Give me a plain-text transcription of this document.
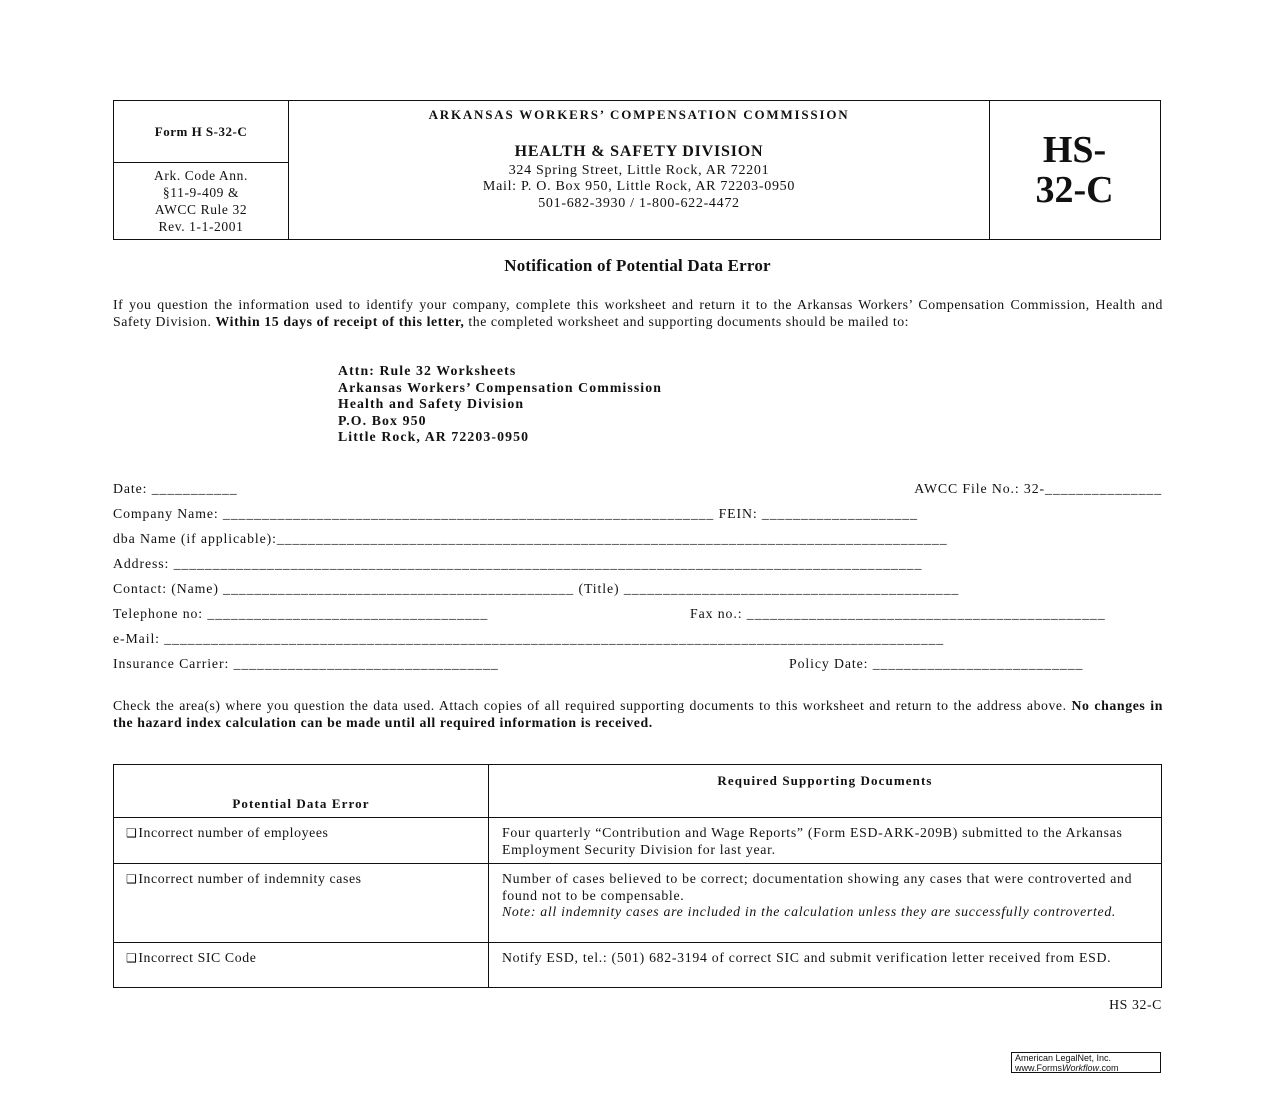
Form H S-32-C
Ark. Code Ann.
§11-9-409 &
AWCC Rule 32
Rev. 1-1-2001
ARKANSAS WORKERS’ COMPENSATION COMMISSION
HEALTH & SAFETY DIVISION
324 Spring Street, Little Rock, AR 72201
Mail: P. O. Box 950, Little Rock, AR 72203-0950
501-682-3930 / 1-800-622-4472
HS-
32-C
Notification of Potential Data Error
If you question the information used to identify your company, complete this worksheet and return it to the Arkansas Workers’ Compensation Commission, Health and Safety Division. Within 15 days of receipt of this letter, the completed worksheet and supporting documents should be mailed to:
Attn: Rule 32 Worksheets
Arkansas Workers’ Compensation Commission
Health and Safety Division
P.O. Box 950
Little Rock, AR 72203-0950
Date: ___________	AWCC File No.: 32-_______________
Company Name: _______________________________________________________________ FEIN: ____________________
dba Name (if applicable):______________________________________________________________________________________
Address: ________________________________________________________________________________________________
Contact: (Name) _____________________________________________ (Title) ___________________________________________
Telephone no: ____________________________________	Fax no.: ______________________________________________
e-Mail: ____________________________________________________________________________________________________
Insurance Carrier: __________________________________	Policy Date: ___________________________
Check the area(s) where you question the data used. Attach copies of all required supporting documents to this worksheet and return to the address above. No changes in the hazard index calculation can be made until all required information is received.
Potential Data Error	Required Supporting Documents
❑Incorrect number of employees	Four quarterly “Contribution and Wage Reports” (Form ESD-ARK-209B) submitted to the Arkansas Employment Security Division for last year.
❑Incorrect number of indemnity cases	Number of cases believed to be correct; documentation showing any cases that were controverted and found not to be compensable.
Note: all indemnity cases are included in the calculation unless they are successfully controverted.
❑Incorrect SIC Code	Notify ESD, tel.: (501) 682-3194 of correct SIC and submit verification letter received from ESD.
HS 32-C
American LegalNet, Inc.
www.FormsWorkflow.com
